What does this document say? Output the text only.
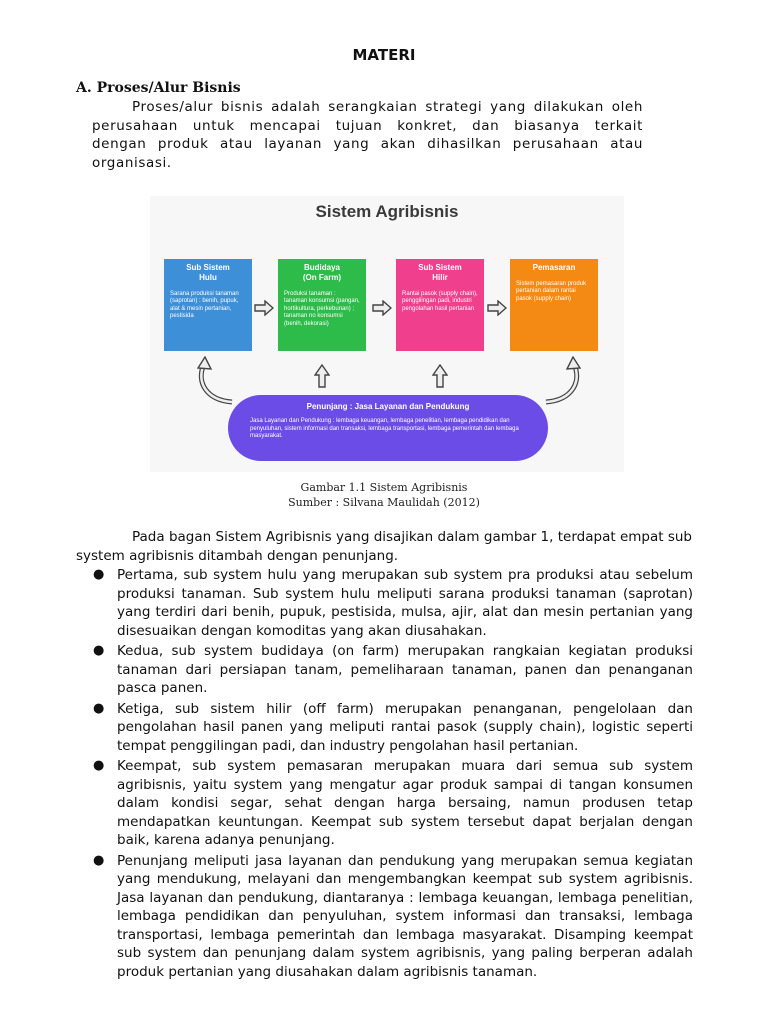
MATERI
A. Proses/Alur Bisnis
Proses/alur bisnis adalah serangkaian strategi yang dilakukan oleh perusahaan untuk mencapai tujuan konkret, dan biasanya terkait dengan produk atau layanan yang akan dihasilkan perusahaan atau organisasi.
Sistem Agribisnis
Sub Sistem
Hulu
Sarana produksi tanaman (saprotan) : benih, pupuk, alat & mesin pertanian, pestisida
Budidaya
(On Farm)
Produksi tanaman : tanaman konsumsi (pangan, hortikultura, perkebunan) ; tanaman no konsumsi (benih, dekorasi)
Sub Sistem
Hilir
Rantai pasok (supply chain), penggilingan padi, industri pengolahan hasil pertanian
Pemasaran
Sistem pemasaran produk pertanian dalam rantai pasok (supply chain)
Penunjang : Jasa Layanan dan Pendukung
Jasa Layanan dan Pendukung : lembaga keuangan, lembaga penelitian, lembaga pendidikan dan penyuluhan, sistem informasi dan transaksi, lembaga transportasi, lembaga pemerintah dan lembaga masyarakat.
Gambar 1.1 Sistem Agribisnis
Sumber : Silvana Maulidah (2012)
Pada bagan Sistem Agribisnis yang disajikan dalam gambar 1, terdapat empat sub system agribisnis ditambah dengan penunjang.
● Pertama, sub system hulu yang merupakan sub system pra produksi atau sebelum produksi tanaman. Sub system hulu meliputi sarana produksi tanaman (saprotan) yang terdiri dari benih, pupuk, pestisida, mulsa, ajir, alat dan mesin pertanian yang disesuaikan dengan komoditas yang akan diusahakan.
● Kedua, sub system budidaya (on farm) merupakan rangkaian kegiatan produksi tanaman dari persiapan tanam, pemeliharaan tanaman, panen dan penanganan pasca panen.
● Ketiga, sub sistem hilir (off farm) merupakan penanganan, pengelolaan dan pengolahan hasil panen yang meliputi rantai pasok (supply chain), logistic seperti tempat penggilingan padi, dan industry pengolahan hasil pertanian.
● Keempat, sub system pemasaran merupakan muara dari semua sub system agribisnis, yaitu system yang mengatur agar produk sampai di tangan konsumen dalam kondisi segar, sehat dengan harga bersaing, namun produsen tetap mendapatkan keuntungan. Keempat sub system tersebut dapat berjalan dengan baik, karena adanya penunjang.
● Penunjang meliputi jasa layanan dan pendukung yang merupakan semua kegiatan yang mendukung, melayani dan mengembangkan keempat sub system agribisnis. Jasa layanan dan pendukung, diantaranya : lembaga keuangan, lembaga penelitian, lembaga pendidikan dan penyuluhan, system informasi dan transaksi, lembaga transportasi, lembaga pemerintah dan lembaga masyarakat. Disamping keempat sub system dan penunjang dalam system agribisnis, yang paling berperan adalah produk pertanian yang diusahakan dalam agribisnis tanaman.
